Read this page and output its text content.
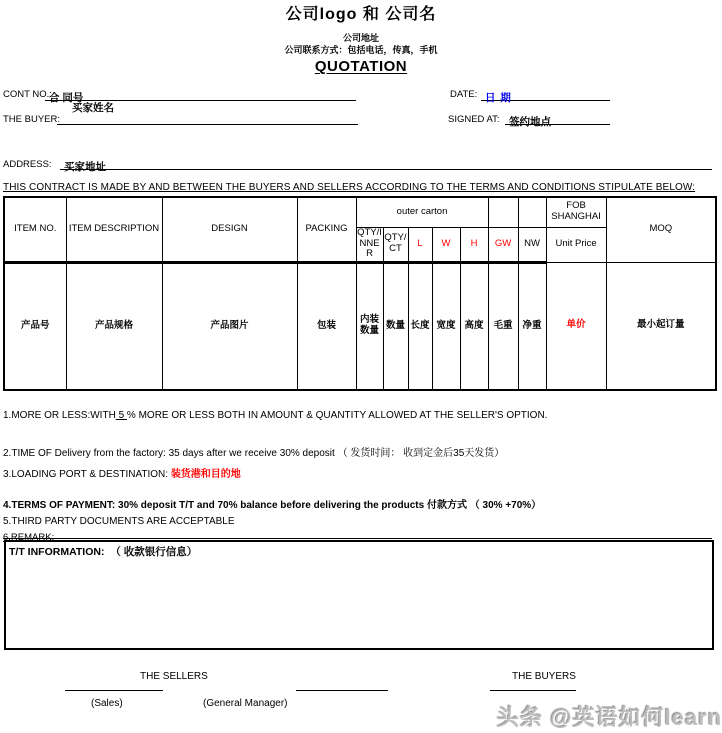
公司logo 和 公司名
公司地址
公司联系方式：包括电话，传真，手机
QUOTATION
CONT NO.:
合 同号	DATE: 日 期
买家姓名
THE BUYER:	SIGNED AT: 签约地点
ADDRESS:	买家地址
THIS CONTRACT IS MADE BY AND BETWEEN THE BUYERS AND SELLERS ACCORDING TO THE TERMS AND CONDITIONS STIPULATE BELOW:
ITEM NO.	ITEM DESCRIPTION	DESIGN	PACKING	outer carton							FOB SHANGHAI	MOQ
				QTY/INNER	QTY/CT	L	W	H	GW	NW	Unit Price	
产品号	产品规格	产品图片	包装	内装数量	数量	长度	宽度	高度	毛重	净重	单价	最小起订量
1.MORE OR LESS:WITH 5 % MORE OR LESS BOTH IN AMOUNT & QUANTITY ALLOWED AT THE SELLER'S OPTION.
2.TIME OF Delivery from the factory: 35 days after we receive 30% deposit （ 发货时间： 收到定金后35天发货）
3.LOADING PORT & DESTINATION: 装货港和目的地
4.TERMS OF PAYMENT: 30% deposit T/T and 70% balance before delivering the products 付款方式 （ 30% +70%）
5.THIRD PARTY DOCUMENTS ARE ACCEPTABLE
6.REMARK:
T/T INFORMATION: （ 收款银行信息）
THE SELLERS	THE BUYERS
(Sales)	(General Manager)
头条 @英语如何learn
